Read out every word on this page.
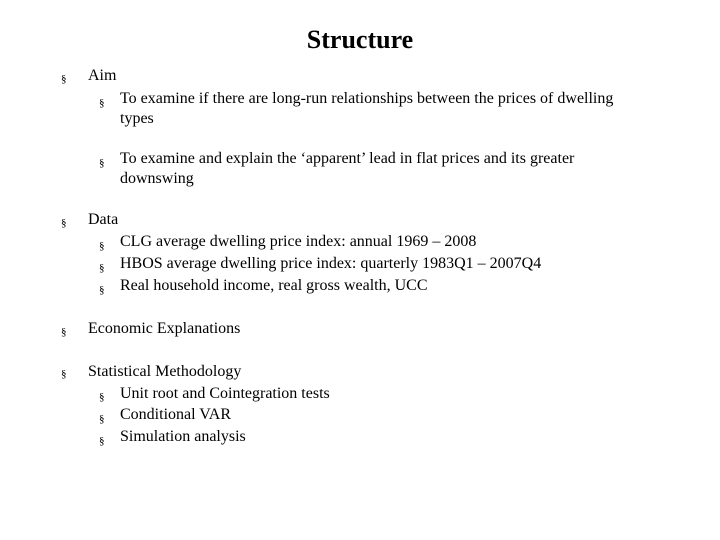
Structure
§ Aim
§ To examine if there are long-run relationships between the prices of dwelling types
§ To examine and explain the ‘apparent’ lead in flat prices and its greater downswing
§ Data
§ CLG average dwelling price index: annual 1969 – 2008
§ HBOS average dwelling price index: quarterly 1983Q1 – 2007Q4
§ Real household income, real gross wealth, UCC
§ Economic Explanations
§ Statistical Methodology
§ Unit root and Cointegration tests
§ Conditional VAR
§ Simulation analysis
